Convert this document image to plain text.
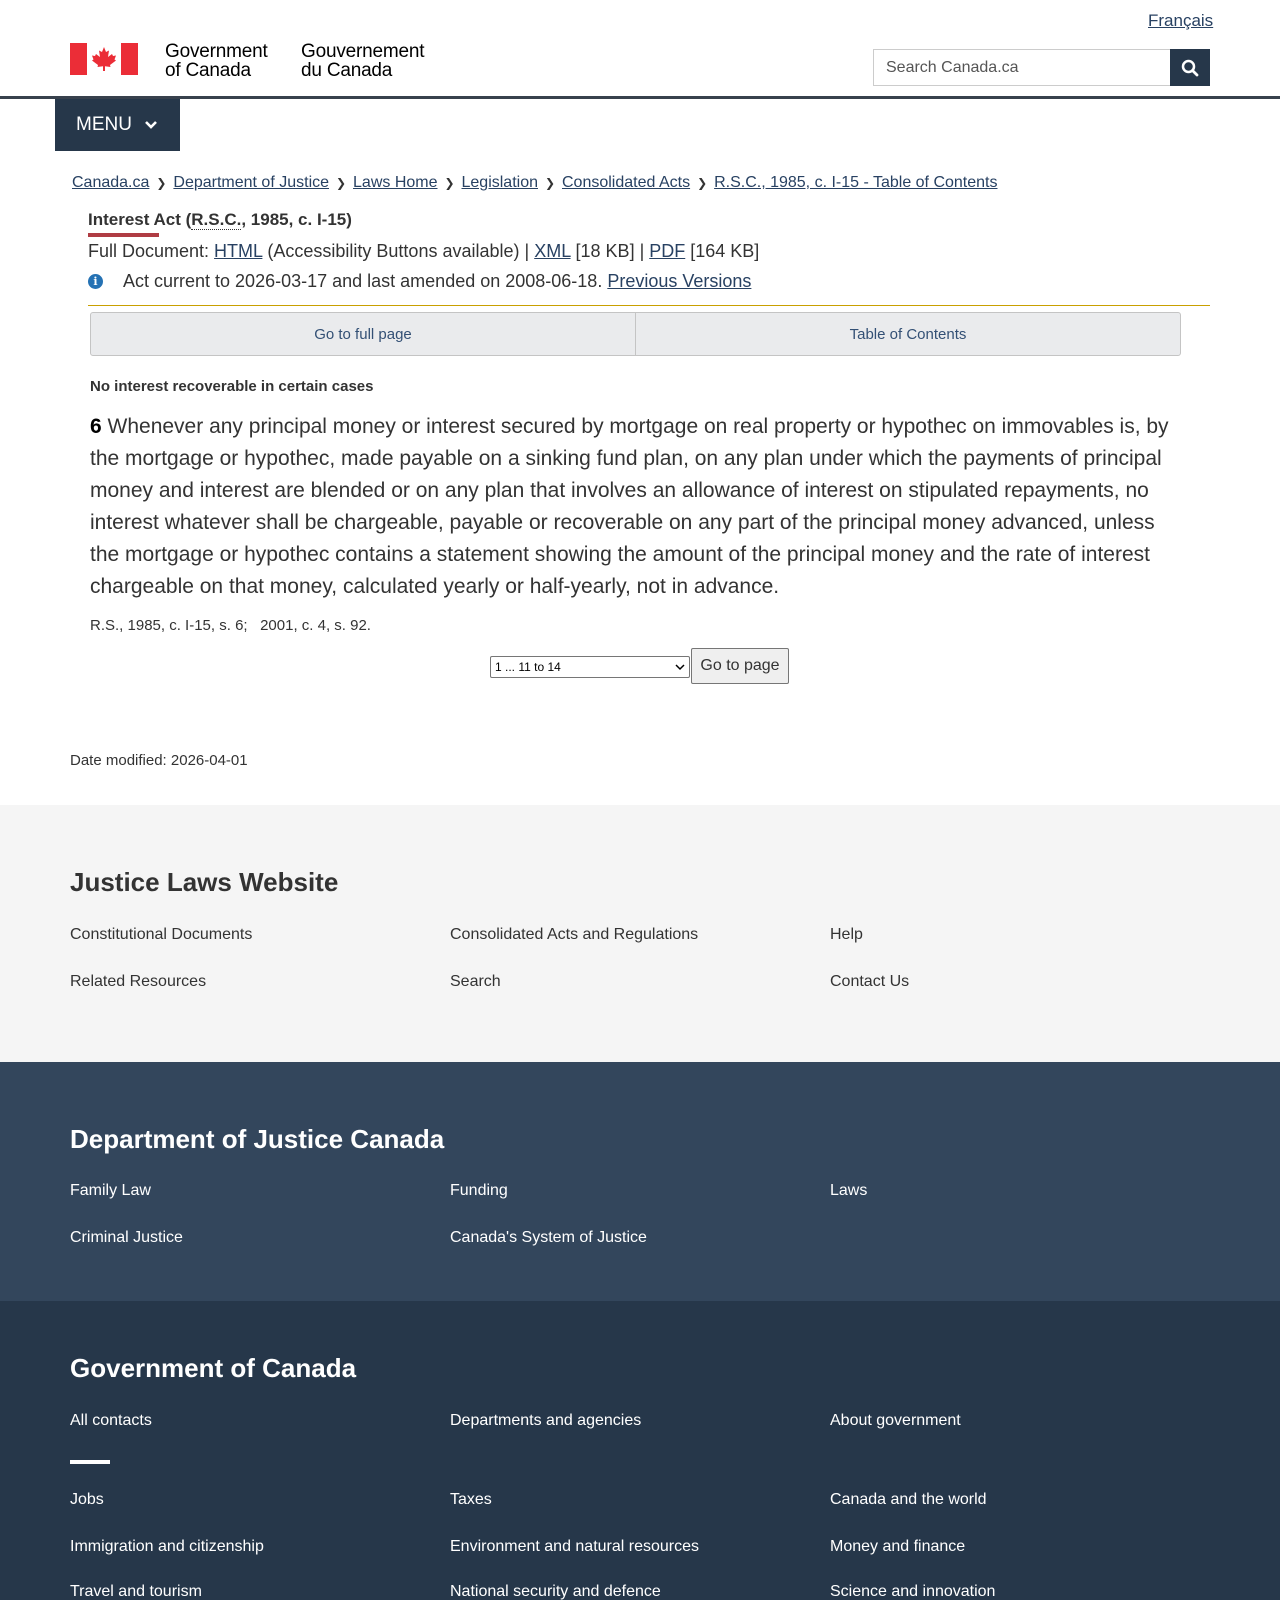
Français
Government
of Canada
Gouvernement
du Canada	Search Canada.ca
MENU
Canada.ca ❯ Department of Justice ❯ Laws Home ❯ Legislation ❯ Consolidated Acts ❯ R.S.C., 1985, c. I-15 - Table of Contents
Interest Act (R.S.C., 1985, c. I-15)
Full Document: HTML (Accessibility Buttons available) | XML [18 KB] | PDF [164 KB]
i	Act current to 2026-03-17 and last amended on 2008-06-18. Previous Versions
Go to full page	Table of Contents
No interest recoverable in certain cases
6 Whenever any principal money or interest secured by mortgage on real property or hypothec on immovables is, by the mortgage or hypothec, made payable on a sinking fund plan, on any plan under which the payments of principal money and interest are blended or on any plan that involves an allowance of interest on stipulated repayments, no interest whatever shall be chargeable, payable or recoverable on any part of the principal money advanced, unless the mortgage or hypothec contains a statement showing the amount of the principal money and the rate of interest chargeable on that money, calculated yearly or half-yearly, not in advance.
R.S., 1985, c. I-15, s. 6;   2001, c. 4, s. 92.
1 ... 11 to 14	Go to page
Date modified: 2026-04-01
Justice Laws Website
Constitutional Documents	Consolidated Acts and Regulations	Help
Related Resources	Search	Contact Us
Department of Justice Canada
Family Law	Funding	Laws
Criminal Justice	Canada's System of Justice
Government of Canada
All contacts	Departments and agencies	About government
Jobs	Taxes	Canada and the world
Immigration and citizenship	Environment and natural resources	Money and finance
Travel and tourism	National security and defence	Science and innovation
